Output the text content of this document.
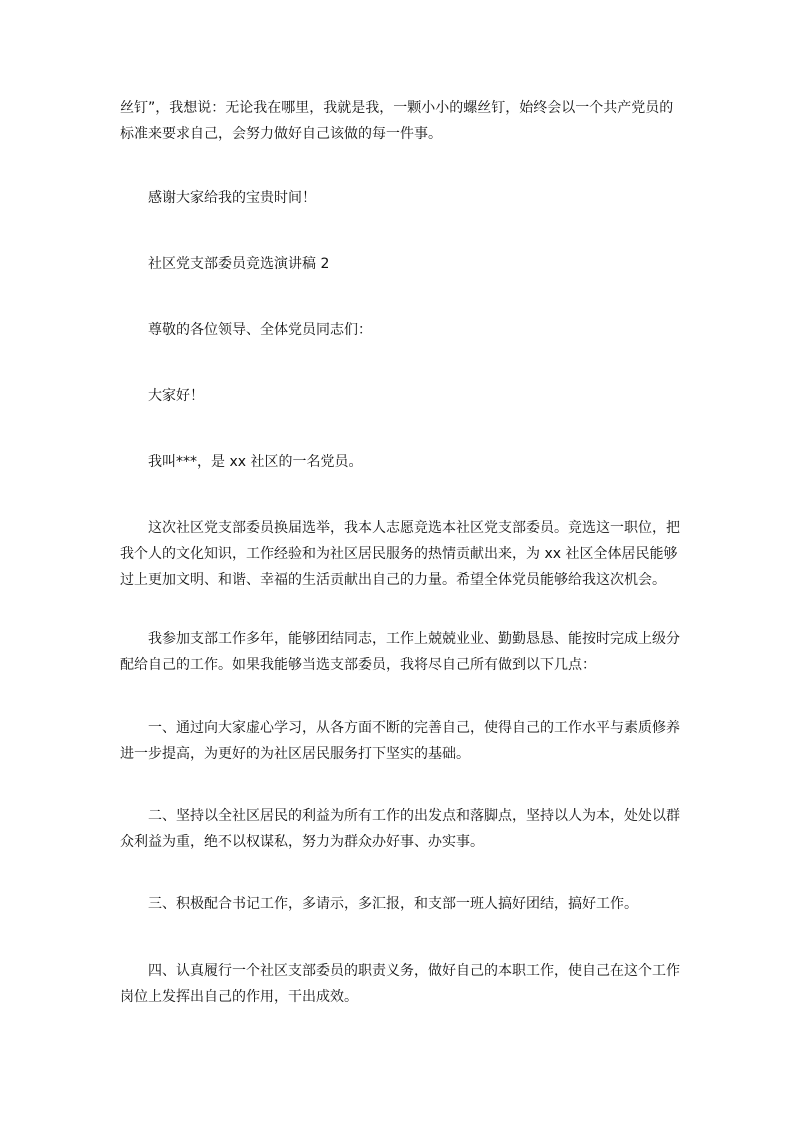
丝钉”，我想说：无论我在哪里，我就是我，一颗小小的螺丝钉，始终会以一个共产党员的
标准来要求自己，会努力做好自己该做的每一件事。

感谢大家给我的宝贵时间！

社区党支部委员竞选演讲稿 2

尊敬的各位领导、全体党员同志们：

大家好！

我叫***，是 xx 社区的一名党员。

这次社区党支部委员换届选举，我本人志愿竞选本社区党支部委员。竞选这一职位，把
我个人的文化知识，工作经验和为社区居民服务的热情贡献出来，为 xx 社区全体居民能够
过上更加文明、和谐、幸福的生活贡献出自己的力量。希望全体党员能够给我这次机会。

我参加支部工作多年，能够团结同志，工作上兢兢业业、勤勤恳恳、能按时完成上级分
配给自己的工作。如果我能够当选支部委员，我将尽自己所有做到以下几点：

一、通过向大家虚心学习，从各方面不断的完善自己，使得自己的工作水平与素质修养
进一步提高，为更好的为社区居民服务打下坚实的基础。

二、坚持以全社区居民的利益为所有工作的出发点和落脚点，坚持以人为本，处处以群
众利益为重，绝不以权谋私，努力为群众办好事、办实事。

三、积极配合书记工作，多请示，多汇报，和支部一班人搞好团结，搞好工作。

四、认真履行一个社区支部委员的职责义务，做好自己的本职工作，使自己在这个工作
岗位上发挥出自己的作用，干出成效。
